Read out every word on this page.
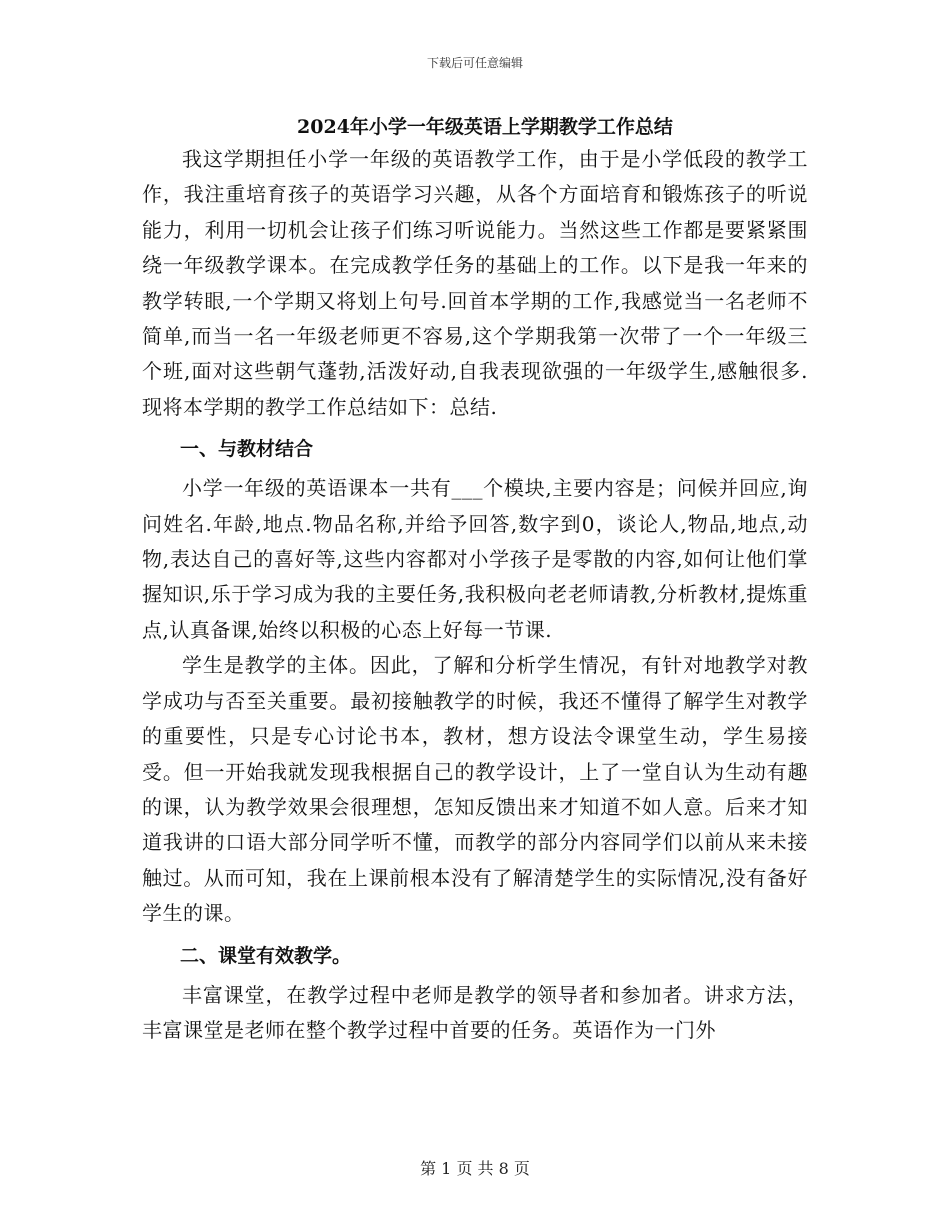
下载后可任意编辑
2024年小学一年级英语上学期教学工作总结

我这学期担任小学一年级的英语教学工作，由于是小学低段的教学工作，我注重培育孩子的英语学习兴趣，从各个方面培育和锻炼孩子的听说能力，利用一切机会让孩子们练习听说能力。当然这些工作都是要紧紧围绕一年级教学课本。在完成教学任务的基础上的工作。以下是我一年来的教学转眼,一个学期又将划上句号.回首本学期的工作,我感觉当一名老师不简单,而当一名一年级老师更不容易,这个学期我第一次带了一个一年级三个班,面对这些朝气蓬勃,活泼好动,自我表现欲强的一年级学生,感触很多.现将本学期的教学工作总结如下：总结.

一、与教材结合

小学一年级的英语课本一共有___个模块,主要内容是；问候并回应,询问姓名.年龄,地点.物品名称,并给予回答,数字到0，谈论人,物品,地点,动物,表达自己的喜好等,这些内容都对小学孩子是零散的内容,如何让他们掌握知识,乐于学习成为我的主要任务,我积极向老老师请教,分析教材,提炼重点,认真备课,始终以积极的心态上好每一节课.

学生是教学的主体。因此，了解和分析学生情况，有针对地教学对教学成功与否至关重要。最初接触教学的时候，我还不懂得了解学生对教学的重要性，只是专心讨论书本，教材，想方设法令课堂生动，学生易接受。但一开始我就发现我根据自己的教学设计，上了一堂自认为生动有趣的课，认为教学效果会很理想，怎知反馈出来才知道不如人意。后来才知道我讲的口语大部分同学听不懂，而教学的部分内容同学们以前从来未接触过。从而可知，我在上课前根本没有了解清楚学生的实际情况,没有备好学生的课。

二、课堂有效教学。

丰富课堂，在教学过程中老师是教学的领导者和参加者。讲求方法，丰富课堂是老师在整个教学过程中首要的任务。英语作为一门外

第 1 页 共 8 页
